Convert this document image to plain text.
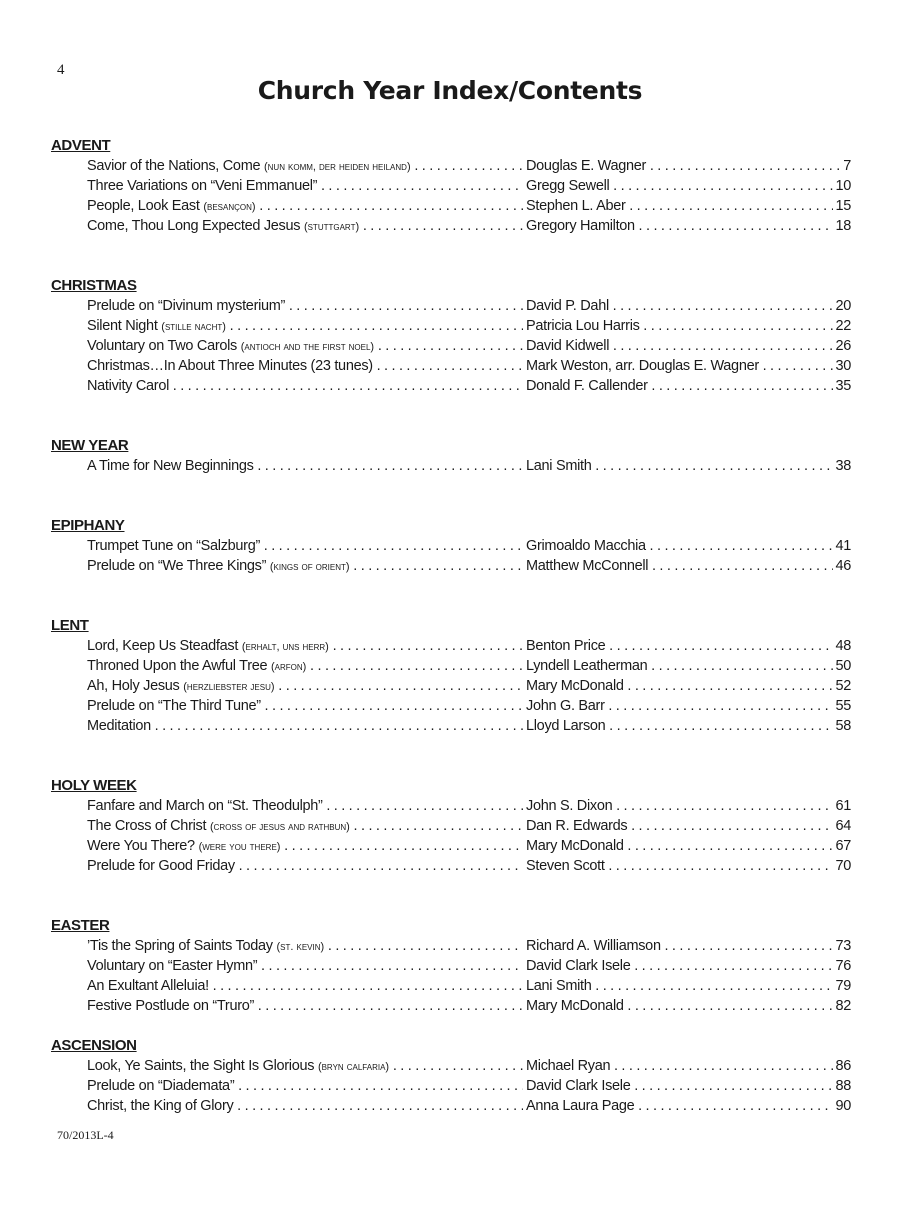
4
Church Year Index/Contents
ADVENT
Savior of the Nations, Come (nun komm, der heiden heiland) . . .	Douglas E. Wagner	7
. . .
Three Variations on “Veni Emmanuel” . . .	Gregg Sewell	10
. . .
People, Look East (besançon) . . .	Stephen L. Aber	15
. . .
Come, Thou Long Expected Jesus (stuttgart) . . .	Gregory Hamilton	18
. . .
CHRISTMAS
Prelude on “Divinum mysterium” . . .	David P. Dahl	20
. . .
Silent Night (stille nacht) . . .	Patricia Lou Harris	22
. . .
Voluntary on Two Carols (antioch and the first noel) . . .	David Kidwell	26
. . .
Christmas…In About Three Minutes (23 tunes) . . .	Mark Weston, arr. Douglas E. Wagner	30
. . .
Nativity Carol . . .	Donald F. Callender	35
. . .
NEW YEAR
A Time for New Beginnings . . .	Lani Smith	38
. . .
EPIPHANY
Trumpet Tune on “Salzburg” . . .	Grimoaldo Macchia	41
. . .
Prelude on “We Three Kings” (kings of orient) . . .	Matthew McConnell	46
. . .
LENT
Lord, Keep Us Steadfast (erhalt, uns herr) . . .	Benton Price	48
. . .
Throned Upon the Awful Tree (arfon) . . .	Lyndell Leatherman	50
. . .
Ah, Holy Jesus (herzliebster jesu) . . .	Mary McDonald	52
. . .
Prelude on “The Third Tune” . . .	John G. Barr	55
. . .
Meditation . . .	Lloyd Larson	58
. . .
HOLY WEEK
Fanfare and March on “St. Theodulph” . . .	John S. Dixon	61
. . .
The Cross of Christ (cross of jesus and rathbun) . . .	Dan R. Edwards	64
. . .
Were You There? (were you there) . . .	Mary McDonald	67
. . .
Prelude for Good Friday . . .	Steven Scott	70
. . .
EASTER
’Tis the Spring of Saints Today (st. kevin) . . .	Richard A. Williamson	73
. . .
Voluntary on “Easter Hymn” . . .	David Clark Isele	76
. . .
An Exultant Alleluia! . . .	Lani Smith	79
. . .
Festive Postlude on “Truro” . . .	Mary McDonald	82
. . .
ASCENSION
Look, Ye Saints, the Sight Is Glorious (bryn calfaria) . . .	Michael Ryan	86
. . .
Prelude on “Diademata” . . .	David Clark Isele	88
. . .
Christ, the King of Glory . . .	Anna Laura Page	90
. . .
70/2013L-4
